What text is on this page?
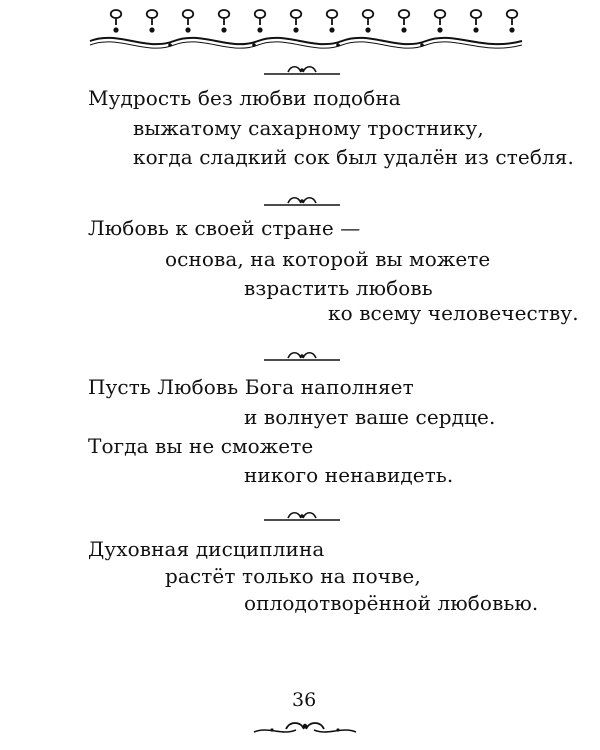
Мудрость без любви подобна
выжатому сахарному тростнику,
когда сладкий сок был удалён из стебля.
Любовь к своей стране —
основа, на которой вы можете
взрастить любовь
ко всему человечеству.
Пусть Любовь Бога наполняет
и волнует ваше сердце.
Тогда вы не сможете
никого ненавидеть.
Духовная дисциплина
растёт только на почве,
оплодотворённой любовью.
36
